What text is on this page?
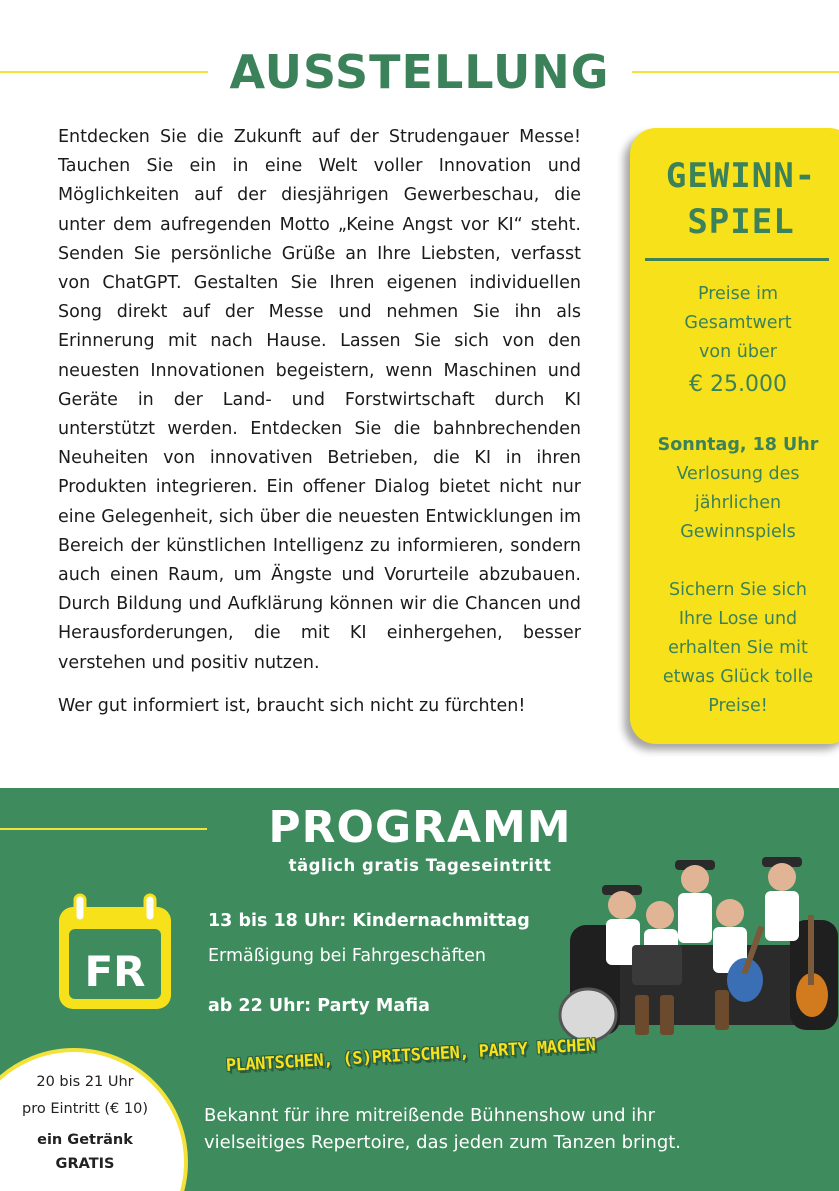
AUSSTELLUNG

Entdecken Sie die Zukunft auf der Strudengauer Messe! Tauchen Sie ein in eine Welt voller Innovation und Möglichkeiten auf der diesjährigen Gewerbeschau, die unter dem aufregenden Motto „Keine Angst vor KI“ steht. Senden Sie persönliche Grüße an Ihre Liebsten, verfasst von ChatGPT. Gestalten Sie Ihren eigenen individuellen Song direkt auf der Messe und nehmen Sie ihn als Erinnerung mit nach Hause. Lassen Sie sich von den neuesten Innovationen begeistern, wenn Maschinen und Geräte in der Land- und Forstwirtschaft durch KI unterstützt werden. Entdecken Sie die bahnbrechenden Neuheiten von innovativen Betrieben, die KI in ihren Produkten integrieren. Ein offener Dialog bietet nicht nur eine Gelegenheit, sich über die neuesten Entwicklungen im Bereich der künstlichen Intelligenz zu informieren, sondern auch einen Raum, um Ängste und Vorurteile abzubauen. Durch Bildung und Aufklärung können wir die Chancen und Herausforderungen, die mit KI einhergehen, besser verstehen und positiv nutzen.

Wer gut informiert ist, braucht sich nicht zu fürchten!

GEWINN-
SPIEL
Preise im
Gesamtwert
von über
€ 25.000
Sonntag, 18 Uhr
Verlosung des
jährlichen
Gewinnspiels
Sichern Sie sich
Ihre Lose und
erhalten Sie mit
etwas Glück tolle
Preise!
PROGRAMM
täglich gratis Tageseintritt
FR
13 bis 18 Uhr: Kindernachmittag
Ermäßigung bei Fahrgeschäften
ab 22 Uhr: Party Mafia
PLANTSCHEN, (S)PRITSCHEN, PARTY MACHEN
Bekannt für ihre mitreißende Bühnenshow und ihr
vielseitiges Repertoire, das jeden zum Tanzen bringt.
20 bis 21 Uhr
pro Eintritt (€ 10)
ein Getränk
GRATIS
